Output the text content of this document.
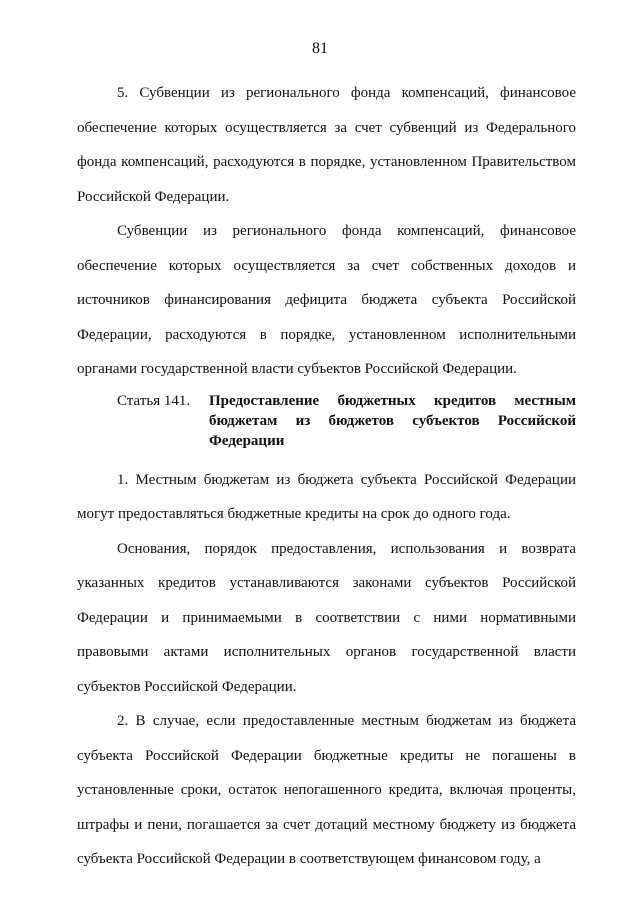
81

5. Субвенции из регионального фонда компенсаций, финансовое обеспечение которых осуществляется за счет субвенций из Федерального фонда компенсаций, расходуются в порядке, установленном Правительством Российской Федерации.

Субвенции из регионального фонда компенсаций, финансовое обеспечение которых осуществляется за счет собственных доходов и источников финансирования дефицита бюджета субъекта Российской Федерации, расходуются в порядке, установленном исполнительными органами государственной власти субъектов Российской Федерации.

Статья 141.	Предоставление бюджетных кредитов местным бюджетам из бюджетов субъектов Российской Федерации

1. Местным бюджетам из бюджета субъекта Российской Федерации могут предоставляться бюджетные кредиты на срок до одного года.

Основания, порядок предоставления, использования и возврата указанных кредитов устанавливаются законами субъектов Российской Федерации и принимаемыми в соответствии с ними нормативными правовыми актами исполнительных органов государственной власти субъектов Российской Федерации.

2. В случае, если предоставленные местным бюджетам из бюджета субъекта Российской Федерации бюджетные кредиты не погашены в установленные сроки, остаток непогашенного кредита, включая проценты, штрафы и пени, погашается за счет дотаций местному бюджету из бюджета субъекта Российской Федерации в соответствующем финансовом году, а
